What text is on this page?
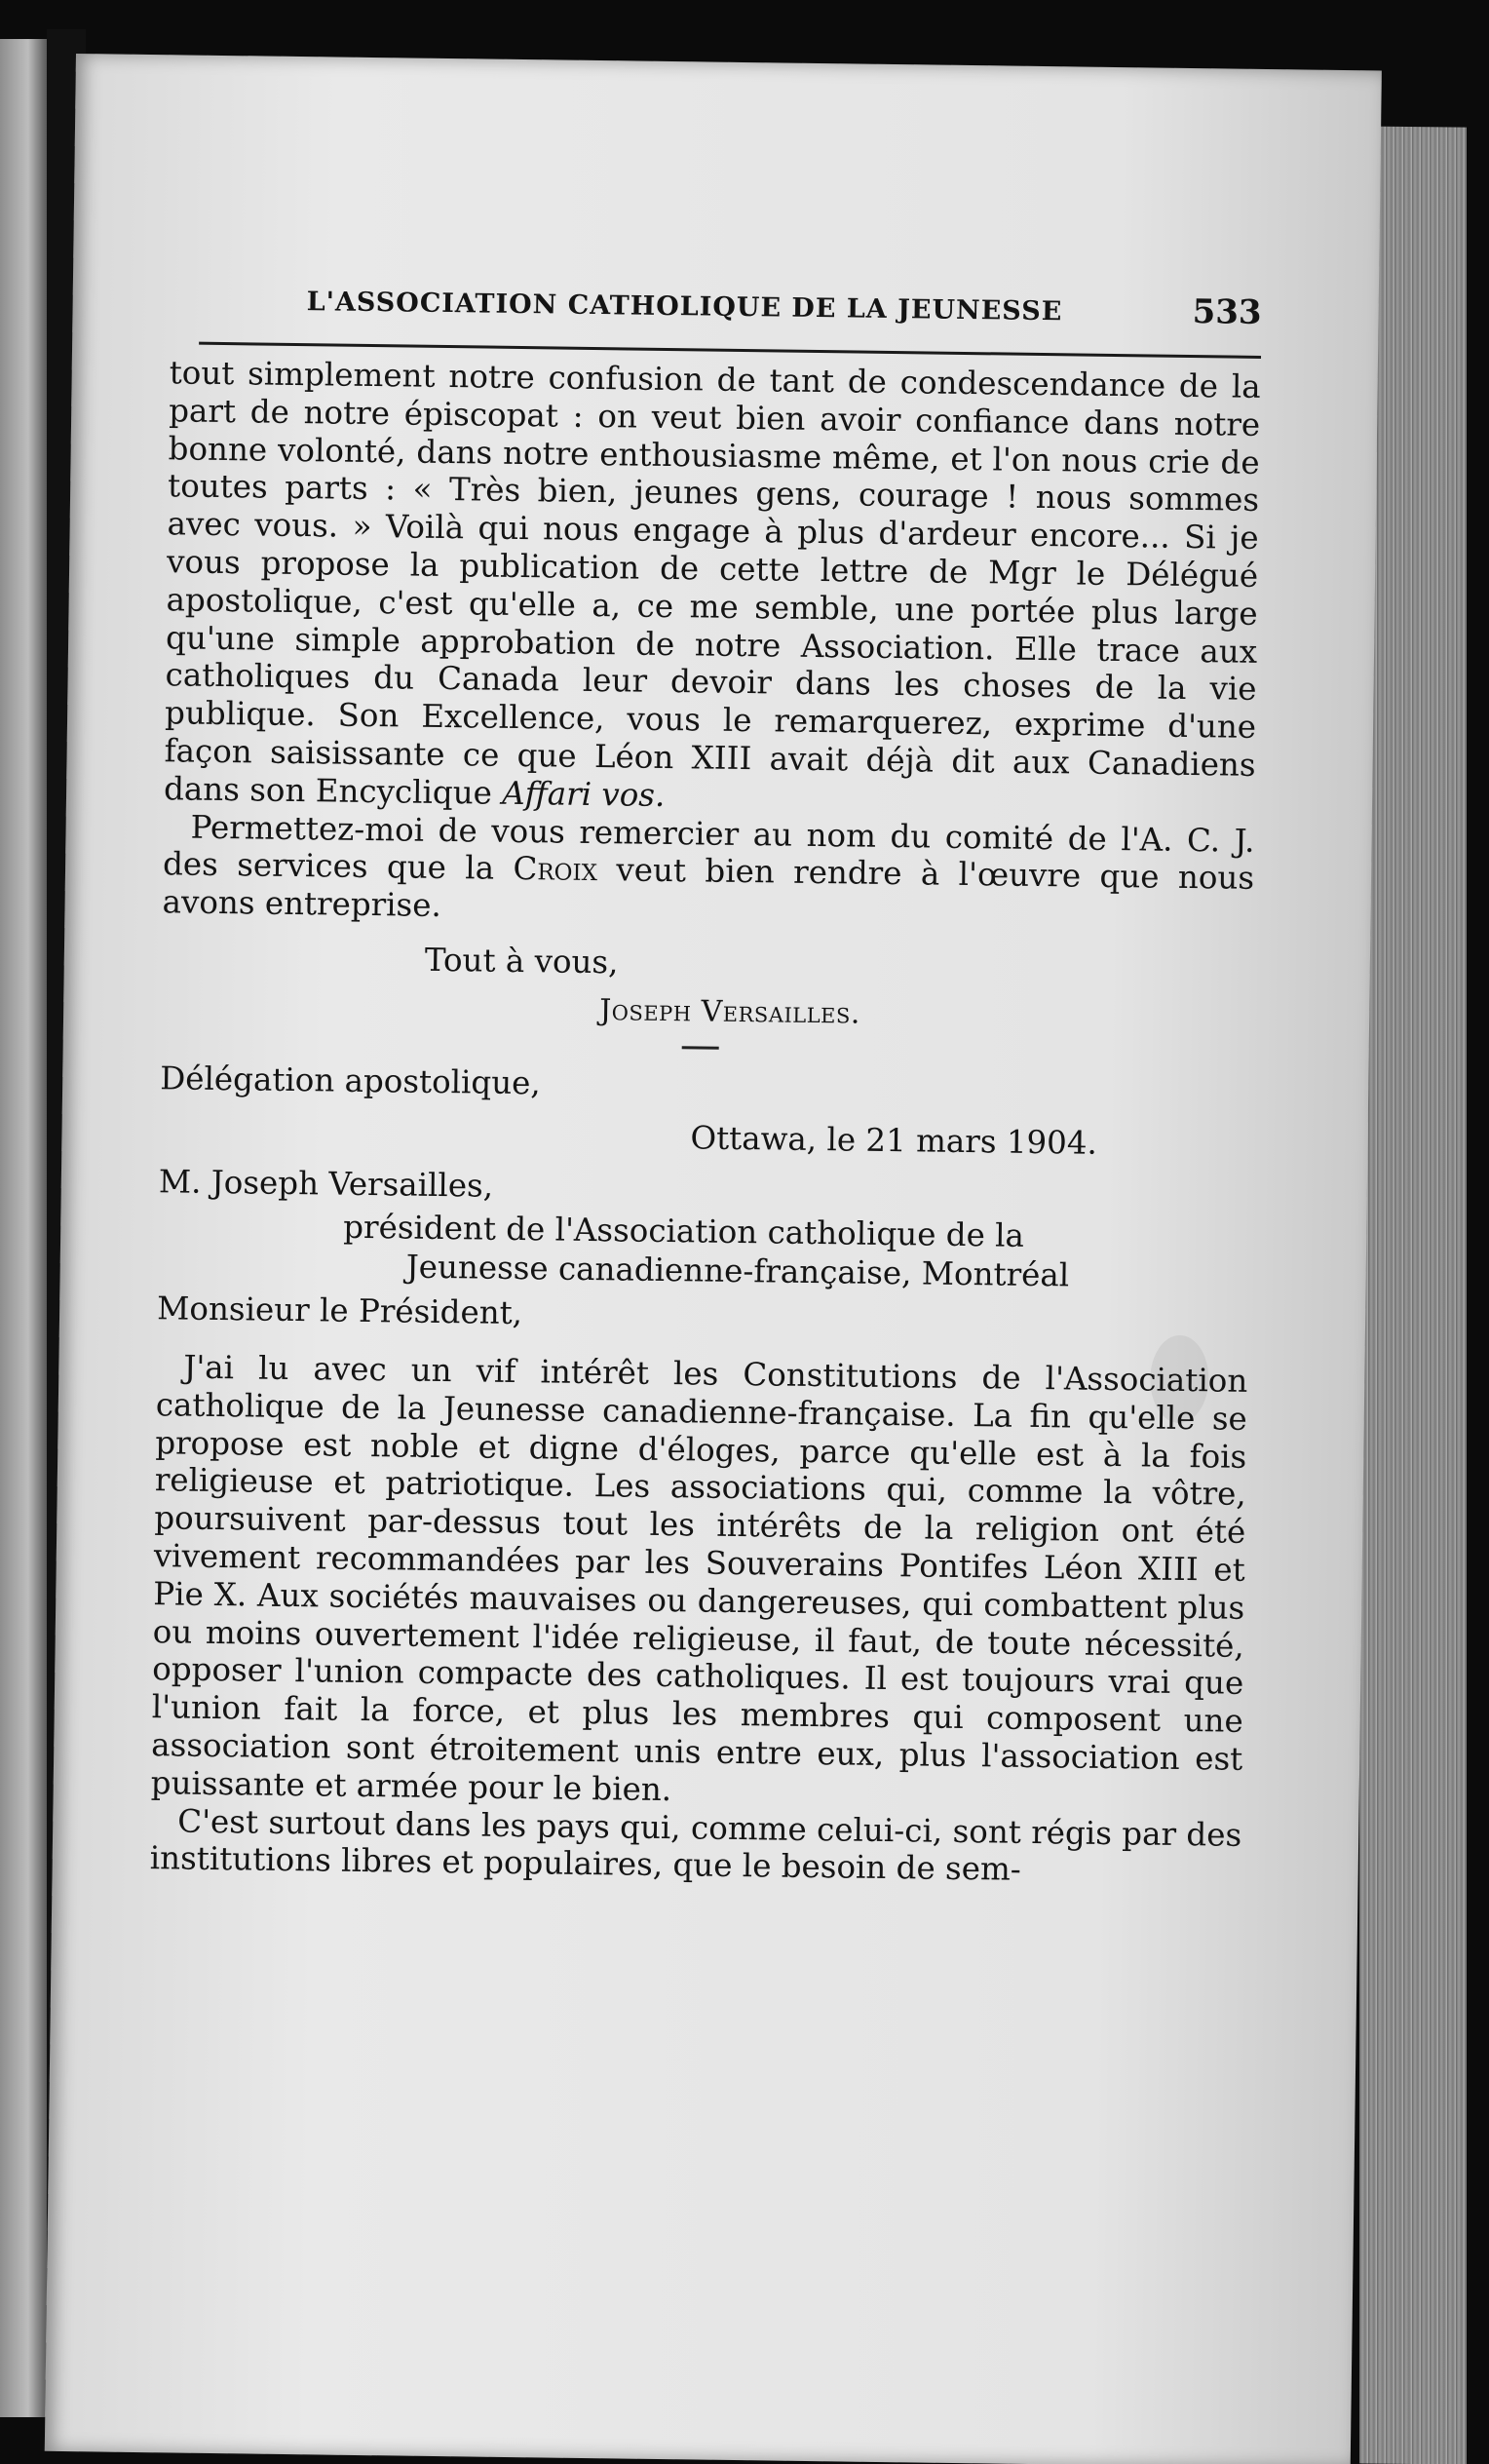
L'ASSOCIATION CATHOLIQUE DE LA JEUNESSE	533

tout simplement notre confusion de tant de condescendance de la part de notre épiscopat : on veut bien avoir confiance dans notre bonne volonté, dans notre enthousiasme même, et l'on nous crie de toutes parts : « Très bien, jeunes gens, courage ! nous sommes avec vous. » Voilà qui nous engage à plus d'ardeur encore... Si je vous propose la publication de cette lettre de Mgr le Délégué apostolique, c'est qu'elle a, ce me semble, une portée plus large qu'une simple approbation de notre Association. Elle trace aux catholiques du Canada leur devoir dans les choses de la vie publique. Son Excellence, vous le remarquerez, exprime d'une façon saisissante ce que Léon XIII avait déjà dit aux Canadiens dans son Encyclique Affari vos.

Permettez-moi de vous remercier au nom du comité de l'A. C. J. des services que la Croix veut bien rendre à l'œuvre que nous avons entreprise.

Tout à vous,
Joseph Versailles.
Délégation apostolique,
Ottawa, le 21 mars 1904.
M. Joseph Versailles,
président de l'Association catholique de la
Jeunesse canadienne-française, Montréal
Monsieur le Président,

J'ai lu avec un vif intérêt les Constitutions de l'Association catholique de la Jeunesse canadienne-française. La fin qu'elle se propose est noble et digne d'éloges, parce qu'elle est à la fois religieuse et patriotique. Les associations qui, comme la vôtre, poursuivent par-dessus tout les intérêts de la religion ont été vivement recommandées par les Souverains Pontifes Léon XIII et Pie X. Aux sociétés mauvaises ou dangereuses, qui combattent plus ou moins ouvertement l'idée religieuse, il faut, de toute nécessité, opposer l'union compacte des catholiques. Il est toujours vrai que l'union fait la force, et plus les membres qui composent une association sont étroitement unis entre eux, plus l'association est puissante et armée pour le bien.

C'est surtout dans les pays qui, comme celui-ci, sont régis par des institutions libres et populaires, que le besoin de sem-
